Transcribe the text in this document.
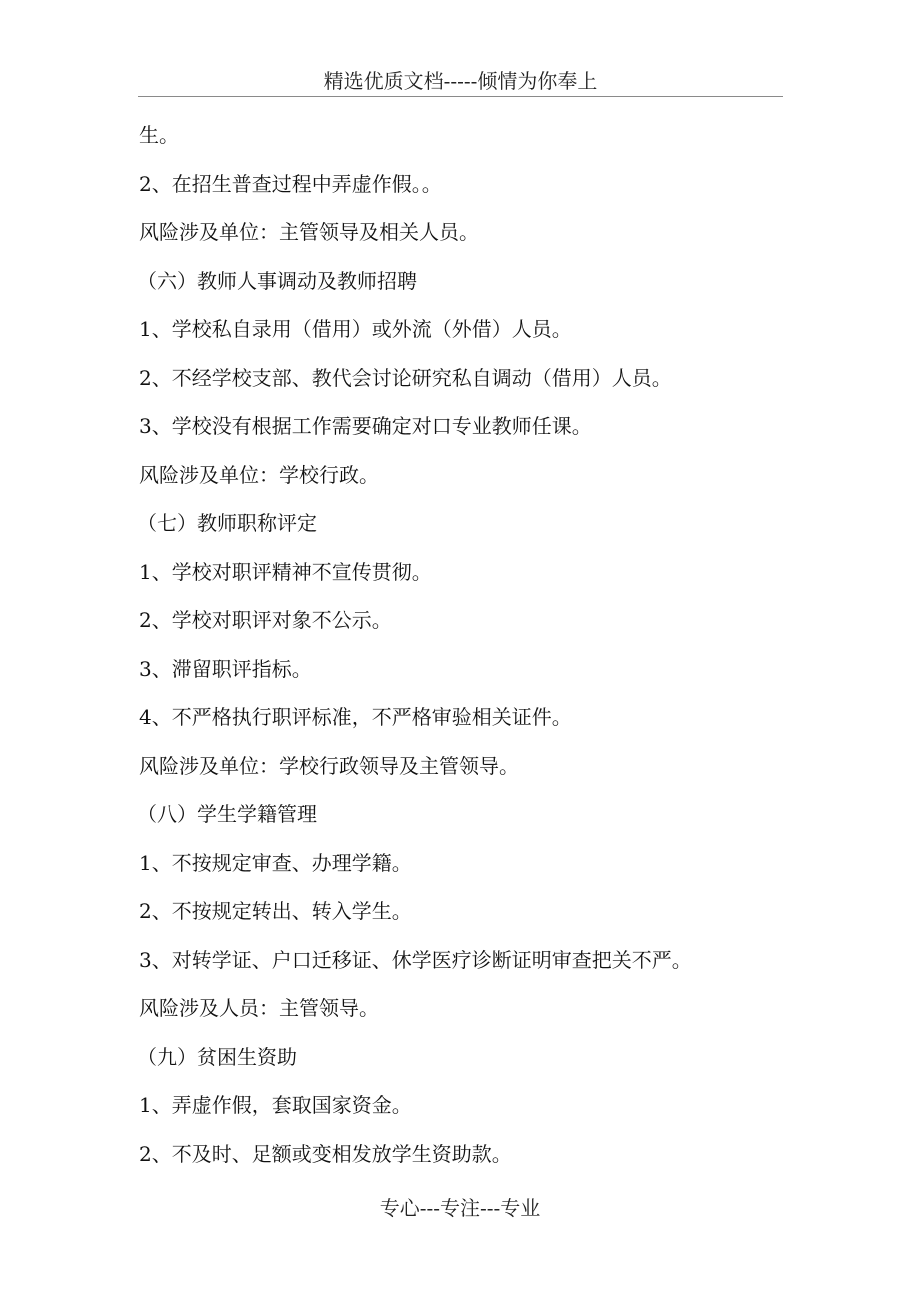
精选优质文档-----倾情为你奉上
生。
2、在招生普查过程中弄虚作假。。
风险涉及单位：主管领导及相关人员。
（六）教师人事调动及教师招聘
1、学校私自录用（借用）或外流（外借）人员。
2、不经学校支部、教代会讨论研究私自调动（借用）人员。
3、学校没有根据工作需要确定对口专业教师任课。
风险涉及单位：学校行政。
（七）教师职称评定
1、学校对职评精神不宣传贯彻。
2、学校对职评对象不公示。
3、滞留职评指标。
4、不严格执行职评标准，不严格审验相关证件。
风险涉及单位：学校行政领导及主管领导。
（八）学生学籍管理
1、不按规定审查、办理学籍。
2、不按规定转出、转入学生。
3、对转学证、户口迁移证、休学医疗诊断证明审查把关不严。
风险涉及人员：主管领导。
（九）贫困生资助
1、弄虚作假，套取国家资金。
2、不及时、足额或变相发放学生资助款。
专心---专注---专业
